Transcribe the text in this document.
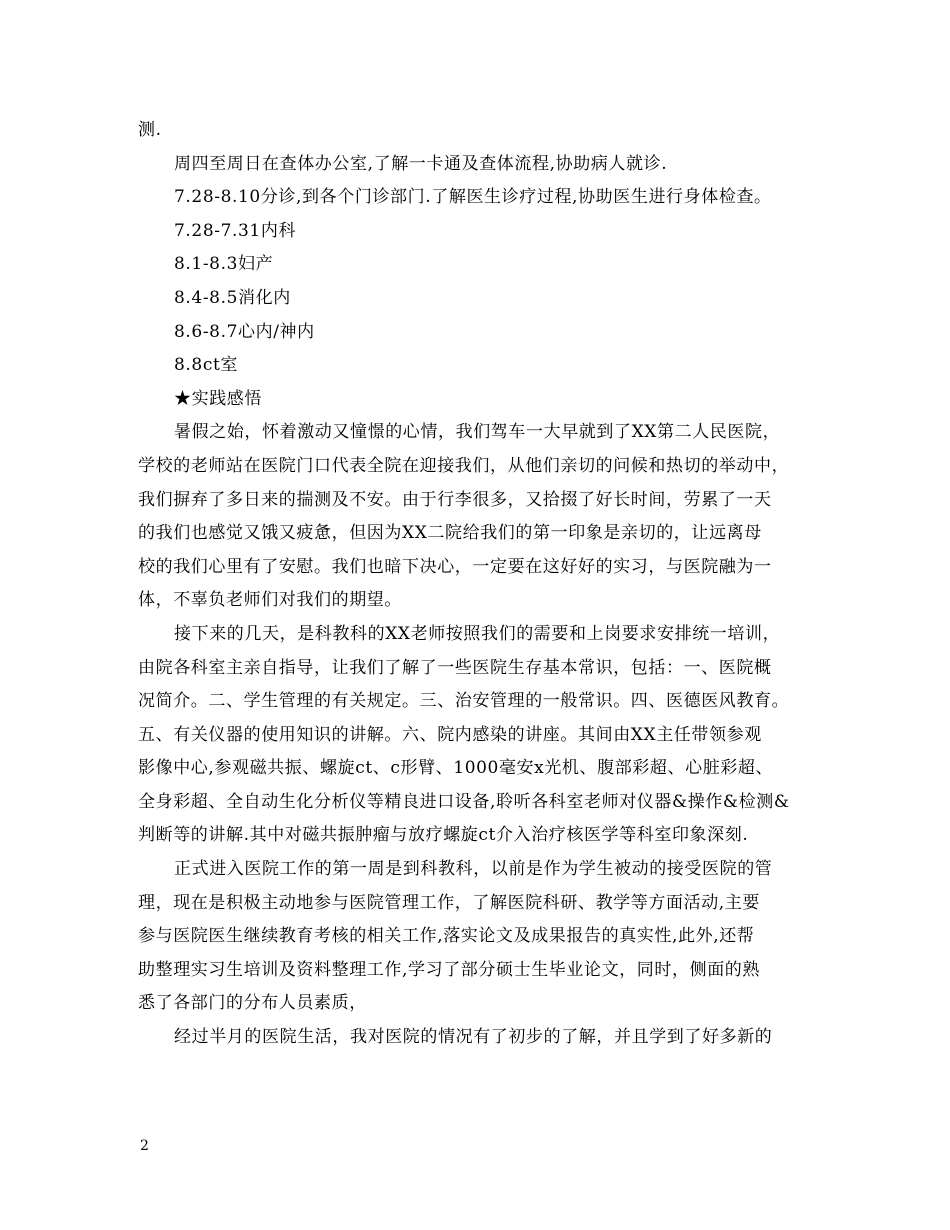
测.
周四至周日在查体办公室,了解一卡通及查体流程,协助病人就诊.
7.28-8.10分诊,到各个门诊部门.了解医生诊疗过程,协助医生进行身体检查。
7.28-7.31内科
8.1-8.3妇产
8.4-8.5消化内
8.6-8.7心内/神内
8.8ct室
★实践感悟
暑假之始，怀着激动又憧憬的心情，我们驾车一大早就到了XX第二人民医院，
学校的老师站在医院门口代表全院在迎接我们，从他们亲切的问候和热切的举动中，
我们摒弃了多日来的揣测及不安。由于行李很多，又拾掇了好长时间，劳累了一天
的我们也感觉又饿又疲惫，但因为XX二院给我们的第一印象是亲切的，让远离母
校的我们心里有了安慰。我们也暗下决心，一定要在这好好的实习，与医院融为一
体，不辜负老师们对我们的期望。
接下来的几天，是科教科的XX老师按照我们的需要和上岗要求安排统一培训，
由院各科室主亲自指导，让我们了解了一些医院生存基本常识，包括：一、医院概
况简介。二、学生管理的有关规定。三、治安管理的一般常识。四、医德医风教育。
五、有关仪器的使用知识的讲解。六、院内感染的讲座。其间由XX主任带领参观
影像中心,参观磁共振、螺旋ct、c形臂、1000毫安x光机、腹部彩超、心脏彩超、
全身彩超、全自动生化分析仪等精良进口设备,聆听各科室老师对仪器&操作&检测&
判断等的讲解.其中对磁共振肿瘤与放疗螺旋ct介入治疗核医学等科室印象深刻.
正式进入医院工作的第一周是到科教科，以前是作为学生被动的接受医院的管
理，现在是积极主动地参与医院管理工作，了解医院科研、教学等方面活动,主要
参与医院医生继续教育考核的相关工作,落实论文及成果报告的真实性,此外,还帮
助整理实习生培训及资料整理工作,学习了部分硕士生毕业论文，同时，侧面的熟
悉了各部门的分布人员素质，
经过半月的医院生活，我对医院的情况有了初步的了解，并且学到了好多新的
2
